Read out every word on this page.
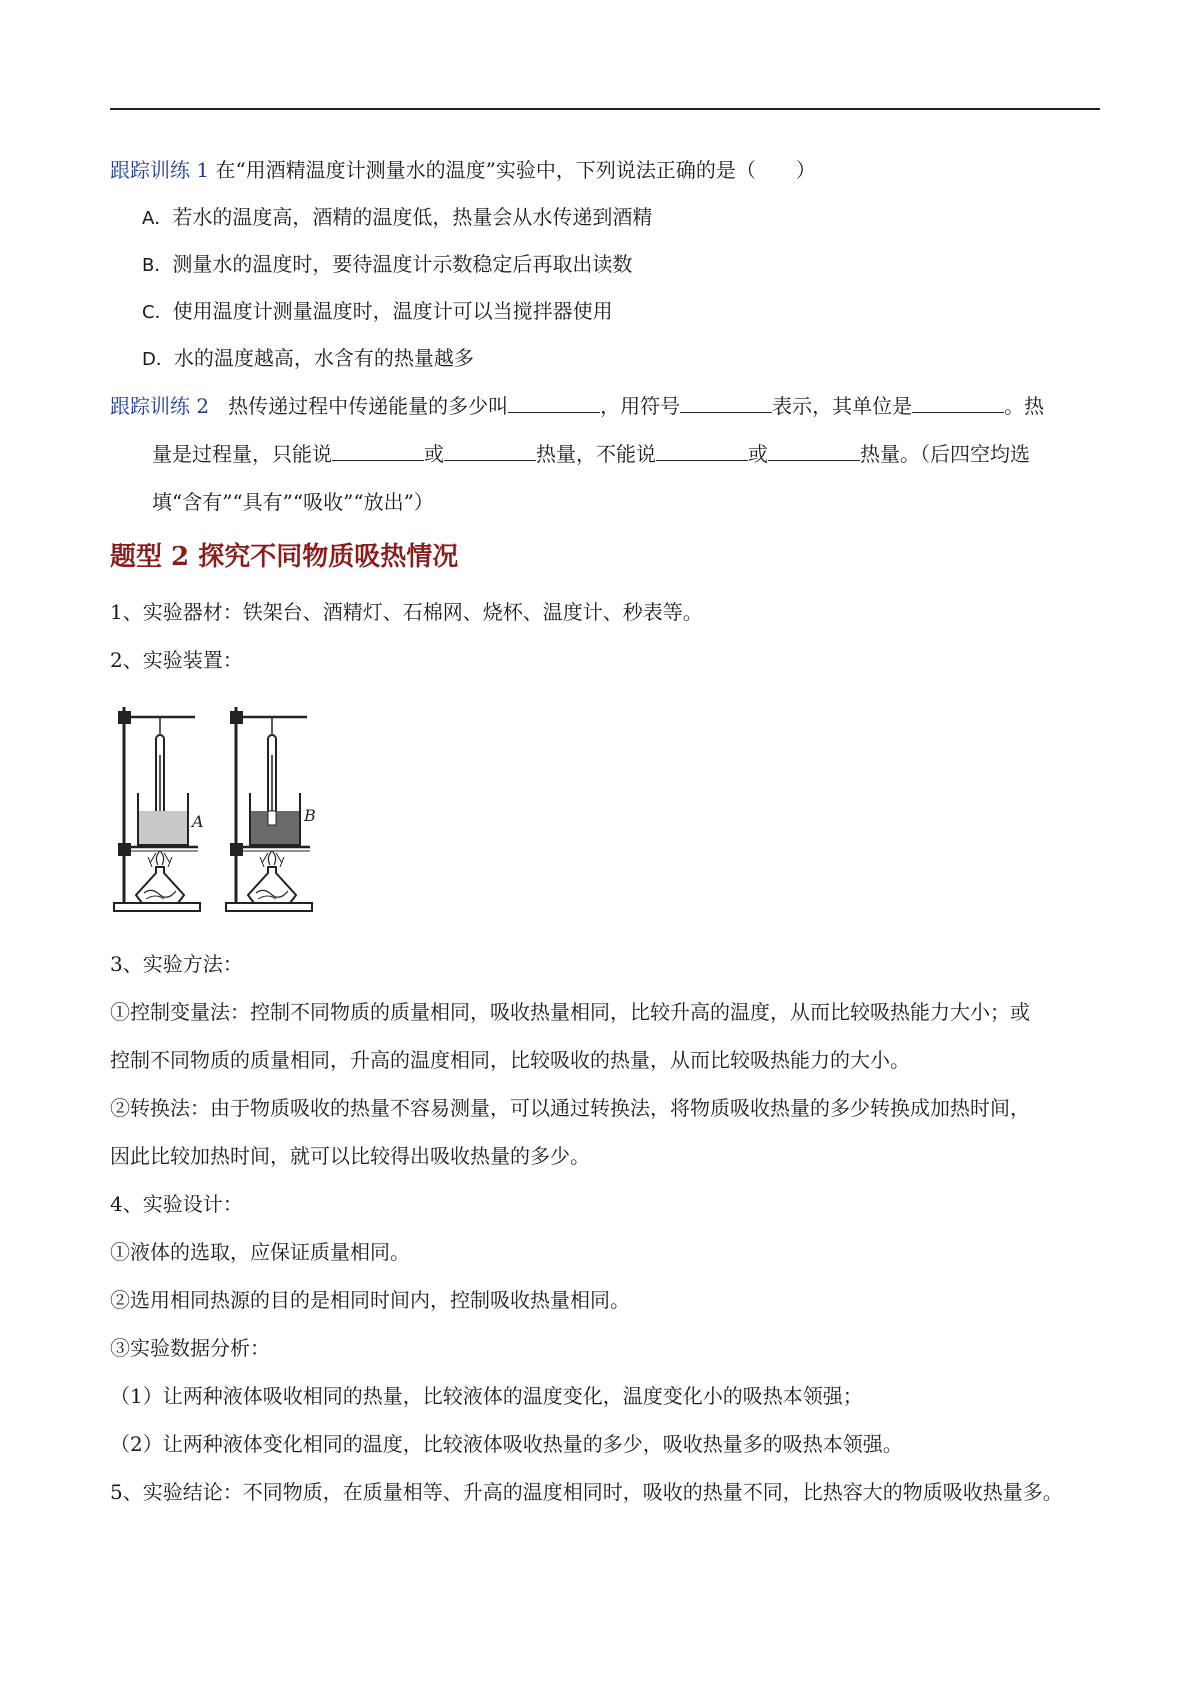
跟踪训练 1 在“用酒精温度计测量水的温度”实验中，下列说法正确的是（　　）
A．若水的温度高，酒精的温度低，热量会从水传递到酒精
B．测量水的温度时，要待温度计示数稳定后再取出读数
C．使用温度计测量温度时，温度计可以当搅拌器使用
D．水的温度越高，水含有的热量越多
跟踪训练 2 热传递过程中传递能量的多少叫	，用符号	表示，其单位是	。热
量是过程量，只能说	或	热量，不能说	或	热量。（后四空均选
填“含有”“具有”“吸收”“放出”）
题型 2 探究不同物质吸热情况
1、实验器材：铁架台、酒精灯、石棉网、烧杯、温度计、秒表等。
2、实验装置：
A	B
3、实验方法：
①控制变量法：控制不同物质的质量相同，吸收热量相同，比较升高的温度，从而比较吸热能力大小；或
控制不同物质的质量相同，升高的温度相同，比较吸收的热量，从而比较吸热能力的大小。
②转换法：由于物质吸收的热量不容易测量，可以通过转换法，将物质吸收热量的多少转换成加热时间，
因此比较加热时间，就可以比较得出吸收热量的多少。
4、实验设计：
①液体的选取，应保证质量相同。
②选用相同热源的目的是相同时间内，控制吸收热量相同。
③实验数据分析：
（1）让两种液体吸收相同的热量，比较液体的温度变化，温度变化小的吸热本领强；
（2）让两种液体变化相同的温度，比较液体吸收热量的多少，吸收热量多的吸热本领强。
5、实验结论：不同物质，在质量相等、升高的温度相同时，吸收的热量不同，比热容大的物质吸收热量多。
